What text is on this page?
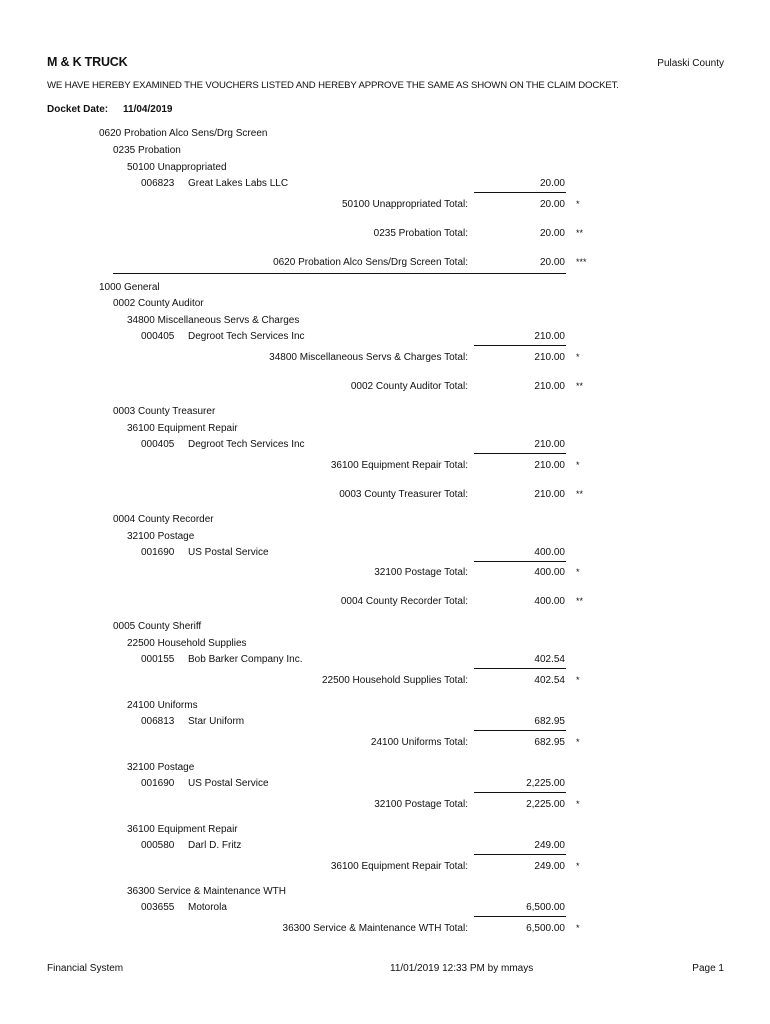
M & K TRUCK	Pulaski County
WE HAVE HEREBY EXAMINED THE VOUCHERS LISTED AND HEREBY APPROVE THE SAME AS SHOWN ON THE CLAIM DOCKET.
Docket Date: 11/04/2019
0620 Probation Alco Sens/Drg Screen
0235 Probation
50100 Unappropriated
006823 Great Lakes Labs LLC	20.00
50100 Unappropriated Total:	20.00 *
0235 Probation Total:	20.00 **
0620 Probation Alco Sens/Drg Screen Total:	20.00 ***
1000 General
0002 County Auditor
34800 Miscellaneous Servs & Charges
000405 Degroot Tech Services Inc	210.00
34800 Miscellaneous Servs & Charges Total:	210.00 *
0002 County Auditor Total:	210.00 **
0003 County Treasurer
36100 Equipment Repair
000405 Degroot Tech Services Inc	210.00
36100 Equipment Repair Total:	210.00 *
0003 County Treasurer Total:	210.00 **
0004 County Recorder
32100 Postage
001690 US Postal Service	400.00
32100 Postage Total:	400.00 *
0004 County Recorder Total:	400.00 **
0005 County Sheriff
22500 Household Supplies
000155 Bob Barker Company Inc.	402.54
22500 Household Supplies Total:	402.54 *
24100 Uniforms
006813 Star Uniform	682.95
24100 Uniforms Total:	682.95 *
32100 Postage
001690 US Postal Service	2,225.00
32100 Postage Total:	2,225.00 *
36100 Equipment Repair
000580 Darl D. Fritz	249.00
36100 Equipment Repair Total:	249.00 *
36300 Service & Maintenance WTH
003655 Motorola	6,500.00
36300 Service & Maintenance WTH Total:	6,500.00 *
Financial System	11/01/2019 12:33 PM by mmays	Page 1
